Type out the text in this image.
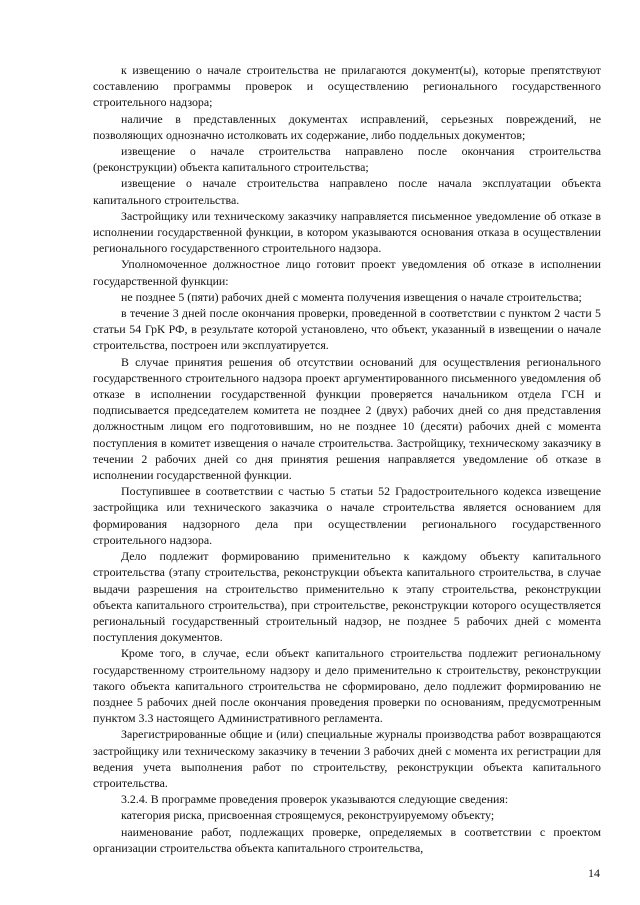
к извещению о начале строительства не прилагаются документ(ы), которые препятствуют составлению программы проверок и осуществлению регионального государственного строительного надзора;

наличие в представленных документах исправлений, серьезных повреждений, не позволяющих однозначно истолковать их содержание, либо поддельных документов;

извещение о начале строительства направлено после окончания строительства (реконструкции) объекта капитального строительства;

извещение о начале строительства направлено после начала эксплуатации объекта капитального строительства.

Застройщику или техническому заказчику направляется письменное уведомление об отказе в исполнении государственной функции, в котором указываются основания отказа в осуществлении регионального государственного строительного надзора.

Уполномоченное должностное лицо готовит проект уведомления об отказе в исполнении государственной функции:

не позднее 5 (пяти) рабочих дней с момента получения извещения о начале строительства;

в течение 3 дней после окончания проверки, проведенной в соответствии с пунктом 2 части 5 статьи 54 ГрК РФ, в результате которой установлено, что объект, указанный в извещении о начале строительства, построен или эксплуатируется.

В случае принятия решения об отсутствии оснований для осуществления регионального государственного строительного надзора проект аргументированного письменного уведомления об отказе в исполнении государственной функции проверяется начальником отдела ГСН и подписывается председателем комитета не позднее 2 (двух) рабочих дней со дня представления должностным лицом его подготовившим, но не позднее 10 (десяти) рабочих дней с момента поступления в комитет извещения о начале строительства. Застройщику, техническому заказчику в течении 2 рабочих дней со дня принятия решения направляется уведомление об отказе в исполнении государственной функции.

Поступившее в соответствии с частью 5 статьи 52 Градостроительного кодекса извещение застройщика или технического заказчика о начале строительства является основанием для формирования надзорного дела при осуществлении регионального государственного строительного надзора.

Дело подлежит формированию применительно к каждому объекту капитального строительства (этапу строительства, реконструкции объекта капитального строительства, в случае выдачи разрешения на строительство применительно к этапу строительства, реконструкции объекта капитального строительства), при строительстве, реконструкции которого осуществляется региональный государственный строительный надзор, не позднее 5 рабочих дней с момента поступления документов.

Кроме того, в случае, если объект капитального строительства подлежит региональному государственному строительному надзору и дело применительно к строительству, реконструкции такого объекта капитального строительства не сформировано, дело подлежит формированию не позднее 5 рабочих дней после окончания проведения проверки по основаниям, предусмотренным пунктом 3.3 настоящего Административного регламента.

Зарегистрированные общие и (или) специальные журналы производства работ возвращаются застройщику или техническому заказчику в течении 3 рабочих дней с момента их регистрации для ведения учета выполнения работ по строительству, реконструкции объекта капитального строительства.

3.2.4. В программе проведения проверок указываются следующие сведения:

категория риска, присвоенная строящемуся, реконструируемому объекту;

наименование работ, подлежащих проверке, определяемых в соответствии с проектом организации строительства объекта капитального строительства,

14
